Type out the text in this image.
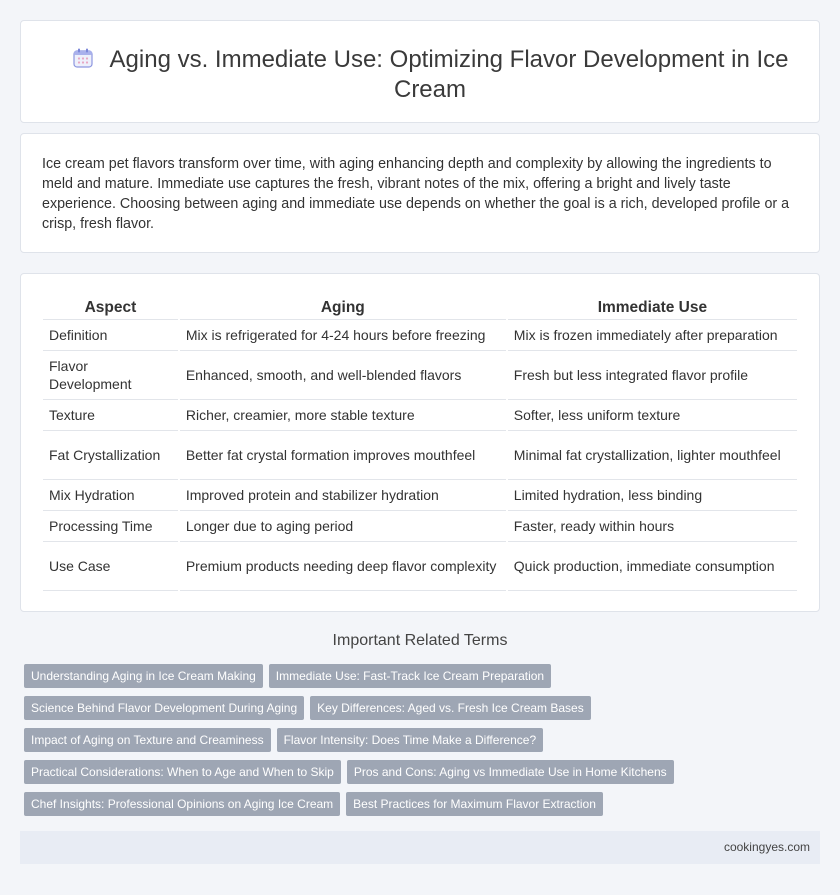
Aging vs. Immediate Use: Optimizing Flavor Development in Ice Cream

Ice cream pet flavors transform over time, with aging enhancing depth and complexity by allowing the ingredients to meld and mature. Immediate use captures the fresh, vibrant notes of the mix, offering a bright and lively taste experience. Choosing between aging and immediate use depends on whether the goal is a rich, developed profile or a crisp, fresh flavor.

Aspect	Aging	Immediate Use
Definition	Mix is refrigerated for 4-24 hours before freezing	Mix is frozen immediately after preparation
Flavor Development	Enhanced, smooth, and well-blended flavors	Fresh but less integrated flavor profile
Texture	Richer, creamier, more stable texture	Softer, less uniform texture
Fat Crystallization	Better fat crystal formation improves mouthfeel	Minimal fat crystallization, lighter mouthfeel
Mix Hydration	Improved protein and stabilizer hydration	Limited hydration, less binding
Processing Time	Longer due to aging period	Faster, ready within hours
Use Case	Premium products needing deep flavor complexity	Quick production, immediate consumption
Important Related Terms
Understanding Aging in Ice Cream Making Immediate Use: Fast-Track Ice Cream Preparation
Science Behind Flavor Development During Aging Key Differences: Aged vs. Fresh Ice Cream Bases
Impact of Aging on Texture and Creaminess Flavor Intensity: Does Time Make a Difference?
Practical Considerations: When to Age and When to Skip Pros and Cons: Aging vs Immediate Use in Home Kitchens
Chef Insights: Professional Opinions on Aging Ice Cream Best Practices for Maximum Flavor Extraction
cookingyes.com
